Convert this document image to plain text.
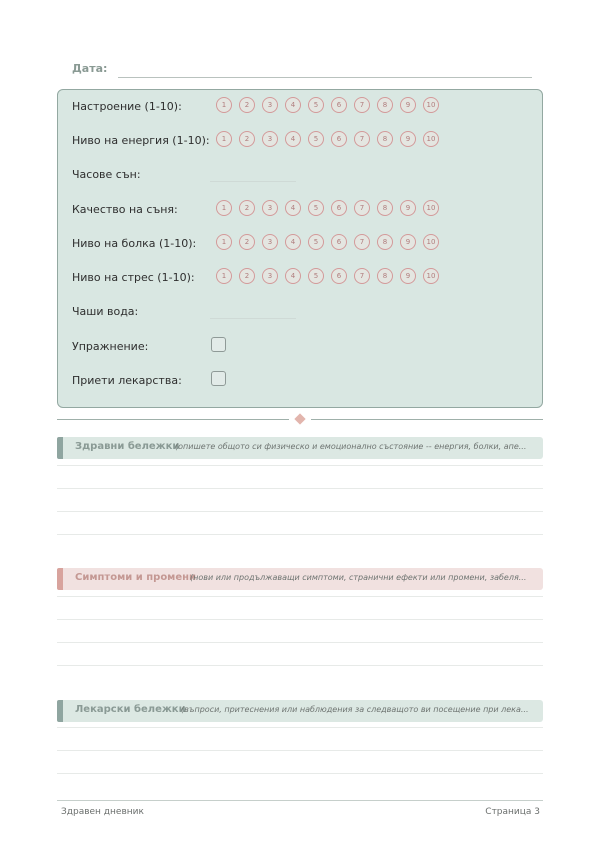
Дата:
Настроение (1-10):	1	2	3	4	5	6	7	8	9	10
Ниво на енергия (1-10):	1	2	3	4	5	6	7	8	9	10
Часове сън:
Качество на съня:	1	2	3	4	5	6	7	8	9	10
Ниво на болка (1-10):	1	2	3	4	5	6	7	8	9	10
Ниво на стрес (1-10):	1	2	3	4	5	6	7	8	9	10
Чаши вода:
Упражнение:
Приети лекарства:
Здравни бележки
(опишете общото си физическо и емоционално състояние -- енергия, болки, апе...
Симптоми и промени
(нови или продължаващи симптоми, странични ефекти или промени, забеля...
Лекарски бележки
(въпроси, притеснения или наблюдения за следващото ви посещение при лека...
Здравен дневник	Страница 3
